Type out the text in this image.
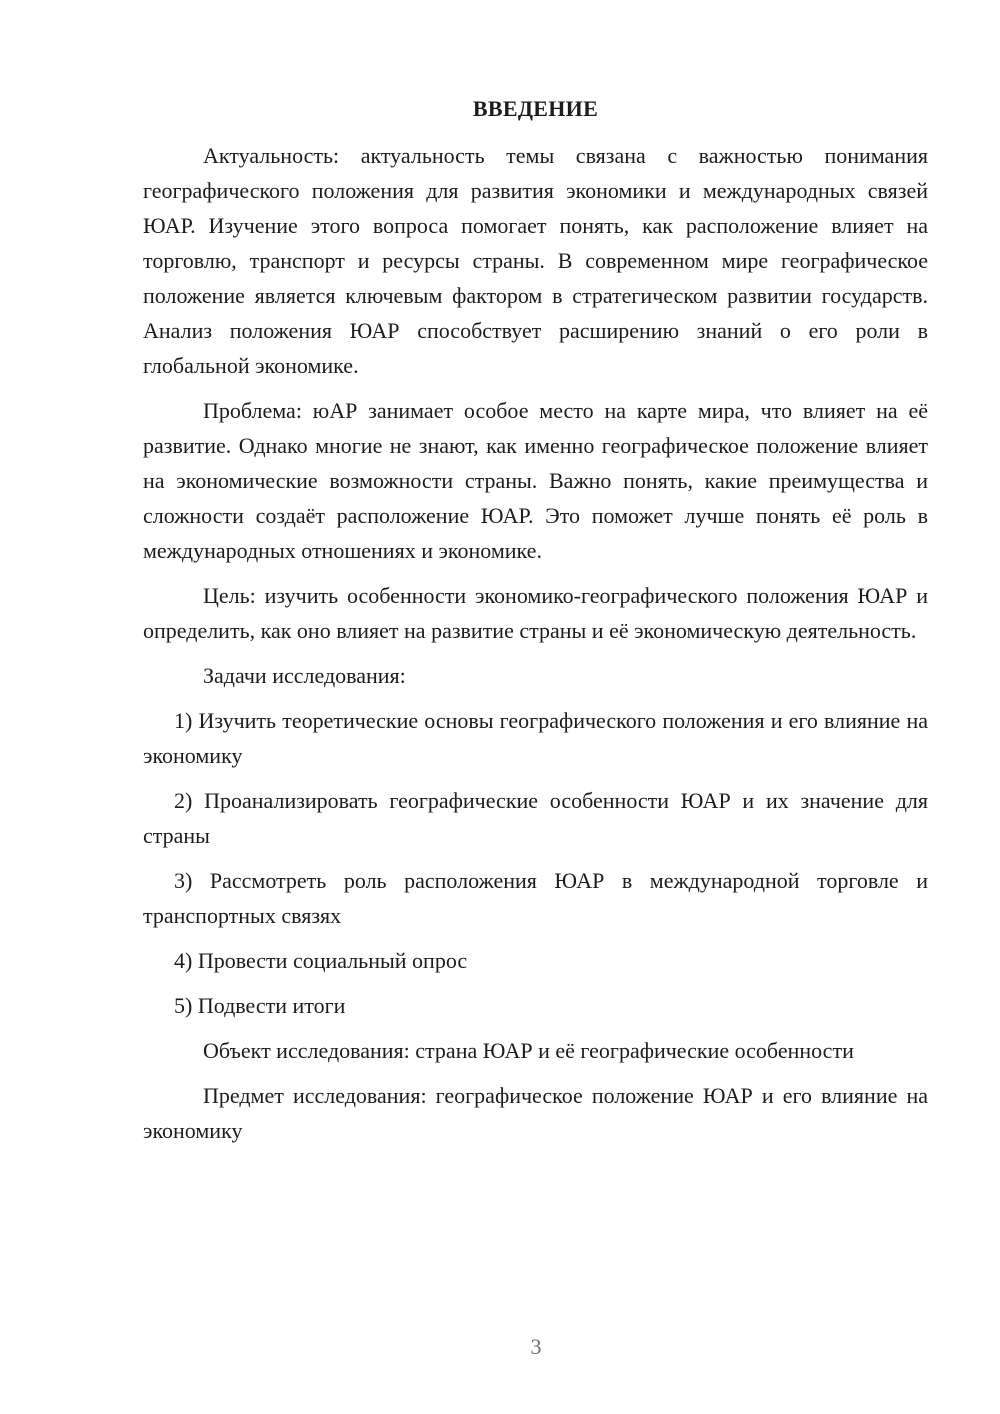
ВВЕДЕНИЕ

Актуальность: актуальность темы связана с важностью понимания географического положения для развития экономики и международных связей ЮАР. Изучение этого вопроса помогает понять, как расположение влияет на торговлю, транспорт и ресурсы страны. В современном мире географическое положение является ключевым фактором в стратегическом развитии государств. Анализ положения ЮАР способствует расширению знаний о его роли в глобальной экономике.

Проблема: юАР занимает особое место на карте мира, что влияет на её развитие. Однако многие не знают, как именно географическое положение влияет на экономические возможности страны. Важно понять, какие преимущества и сложности создаёт расположение ЮАР. Это поможет лучше понять её роль в международных отношениях и экономике.

Цель: изучить особенности экономико-географического положения ЮАР и определить, как оно влияет на развитие страны и её экономическую деятельность.

Задачи исследования:

1) Изучить теоретические основы географического положения и его влияние на экономику

2) Проанализировать географические особенности ЮАР и их значение для страны

3) Рассмотреть роль расположения ЮАР в международной торговле и транспортных связях

4) Провести социальный опрос

5) Подвести итоги

Объект исследования: страна ЮАР и её географические особенности

Предмет исследования: географическое положение ЮАР и его влияние на экономику

3
